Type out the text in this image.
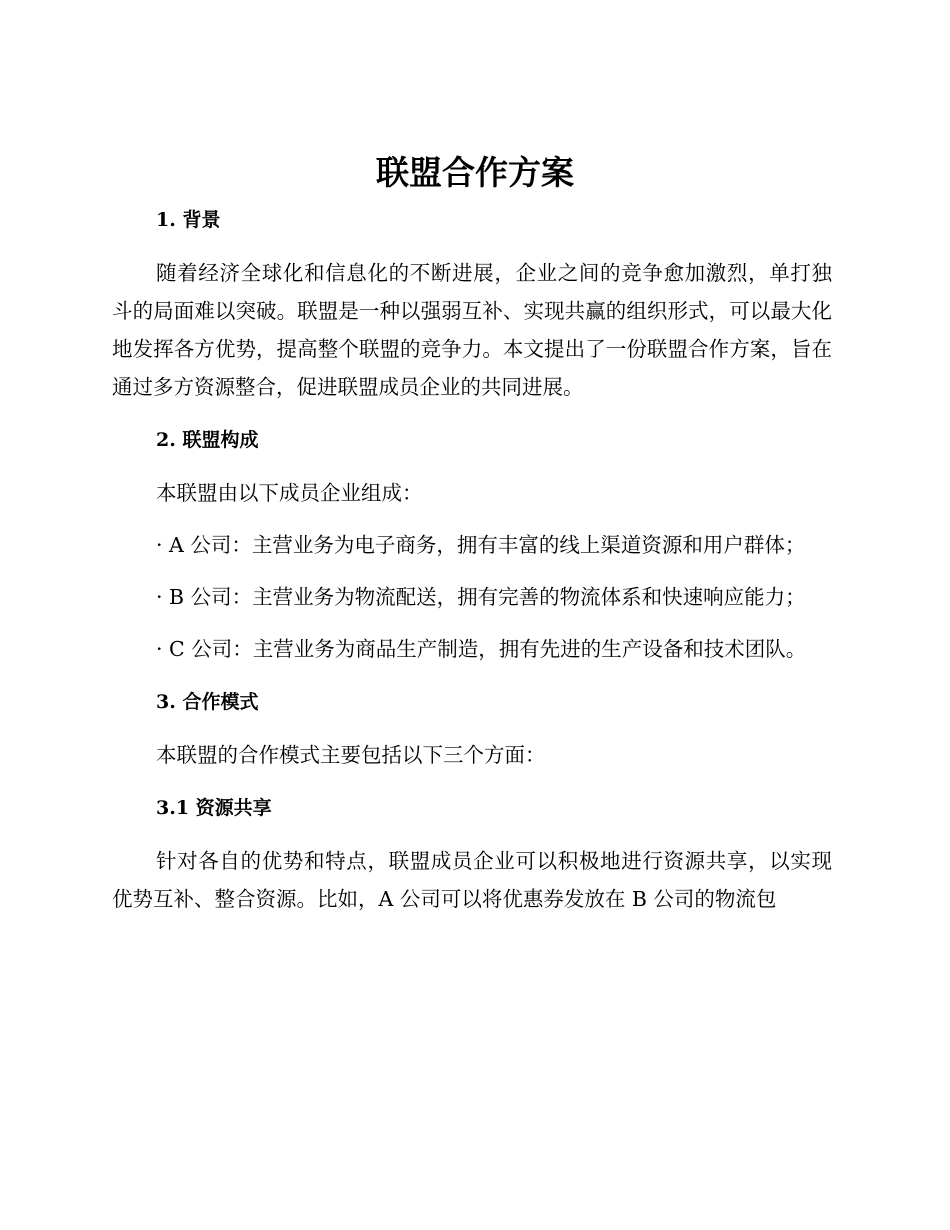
联盟合作方案
1. 背景

随着经济全球化和信息化的不断进展，企业之间的竞争愈加激烈，单打独斗的局面难以突破。联盟是一种以强弱互补、实现共赢的组织形式，可以最大化地发挥各方优势，提高整个联盟的竞争力。本文提出了一份联盟合作方案，旨在通过多方资源整合，促进联盟成员企业的共同进展。

2. 联盟构成

本联盟由以下成员企业组成：

· A 公司：主营业务为电子商务，拥有丰富的线上渠道资源和用户群体；

· B 公司：主营业务为物流配送，拥有完善的物流体系和快速响应能力；

· C 公司：主营业务为商品生产制造，拥有先进的生产设备和技术团队。

3. 合作模式

本联盟的合作模式主要包括以下三个方面：

3.1 资源共享

针对各自的优势和特点，联盟成员企业可以积极地进行资源共享，以实现优势互补、整合资源。比如，A 公司可以将优惠券发放在 B 公司的物流包
